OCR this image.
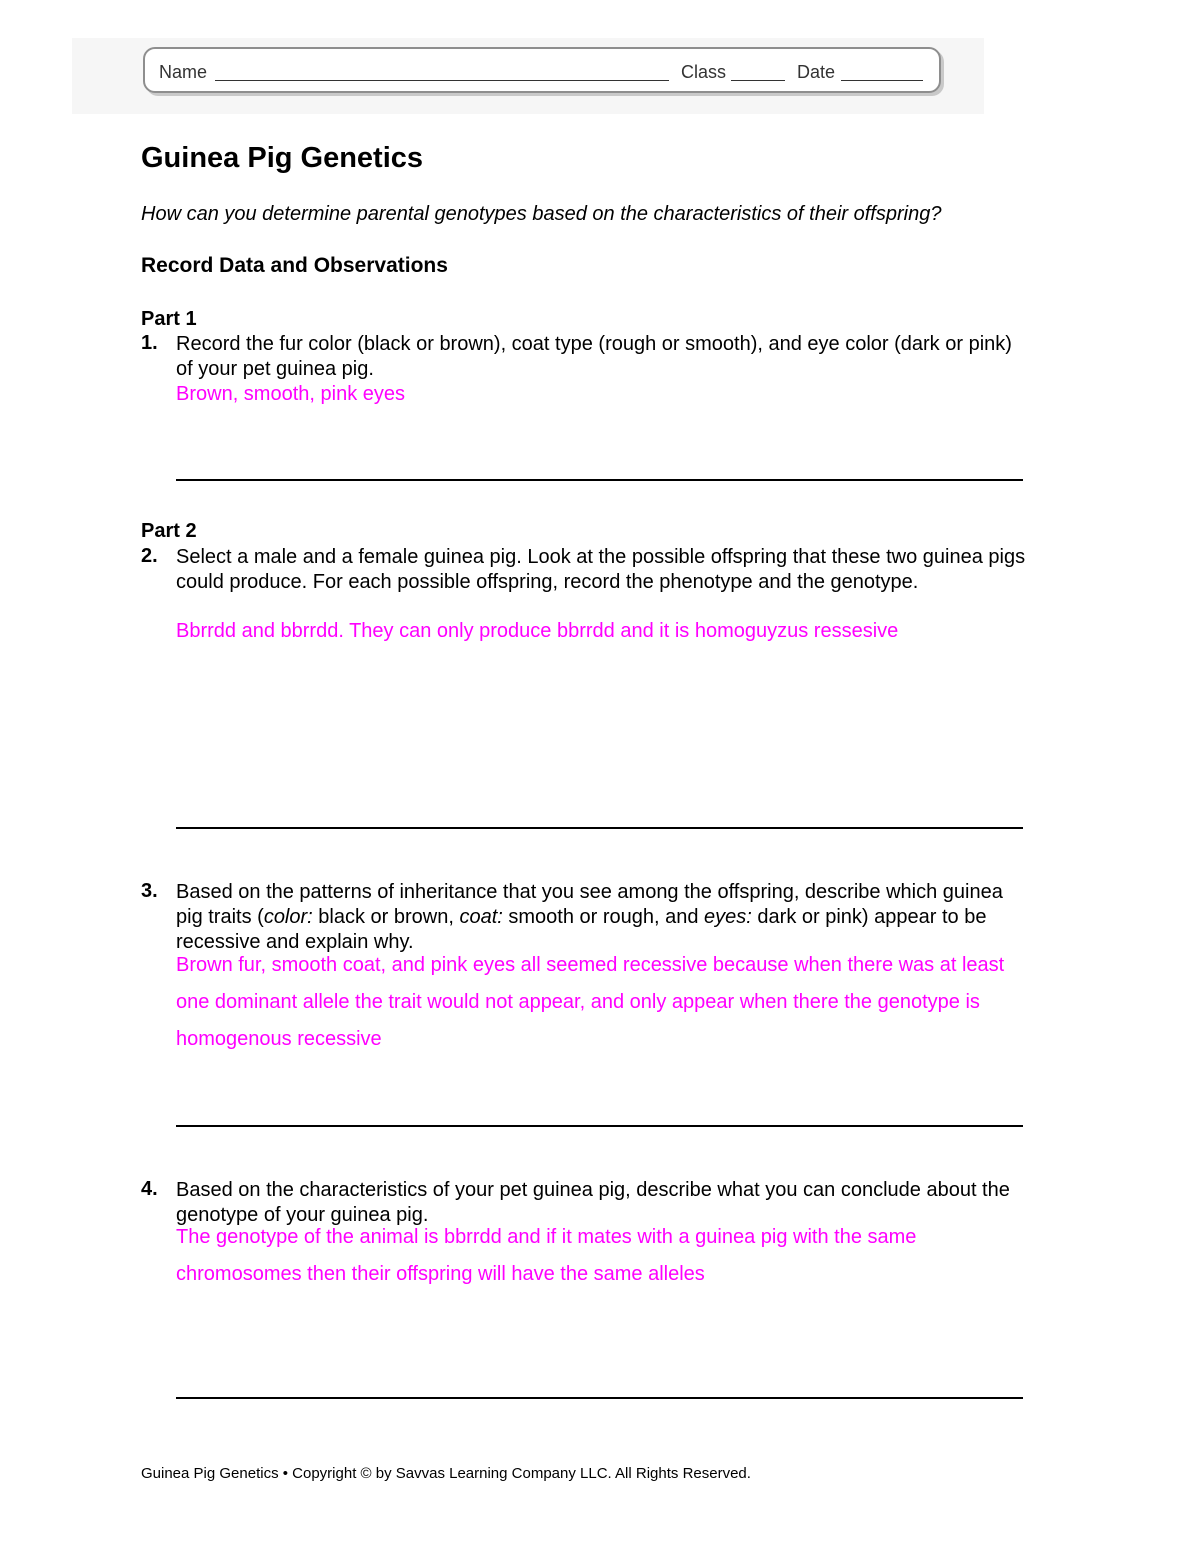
Name	Class	Date
Guinea Pig Genetics

How can you determine parental genotypes based on the characteristics of their offspring?

Record Data and Observations
Part 1
1. Record the fur color (black or brown), coat type (rough or smooth), and eye color (dark or pink) of your pet guinea pig.
Brown, smooth, pink eyes
Part 2
2. Select a male and a female guinea pig. Look at the possible offspring that these two guinea pigs could produce. For each possible offspring, record the phenotype and the genotype.
Bbrrdd and bbrrdd. They can only produce bbrrdd and it is homoguyzus ressesive
3. Based on the patterns of inheritance that you see among the offspring, describe which guinea pig traits (color: black or brown, coat: smooth or rough, and eyes: dark or pink) appear to be recessive and explain why.
Brown fur, smooth coat, and pink eyes all seemed recessive because when there was at least one dominant allele the trait would not appear, and only appear when there the genotype is homogenous recessive
4. Based on the characteristics of your pet guinea pig, describe what you can conclude about the genotype of your guinea pig.
The genotype of the animal is bbrrdd and if it mates with a guinea pig with the same chromosomes then their offspring will have the same alleles
Guinea Pig Genetics • Copyright © by Savvas Learning Company LLC. All Rights Reserved.
